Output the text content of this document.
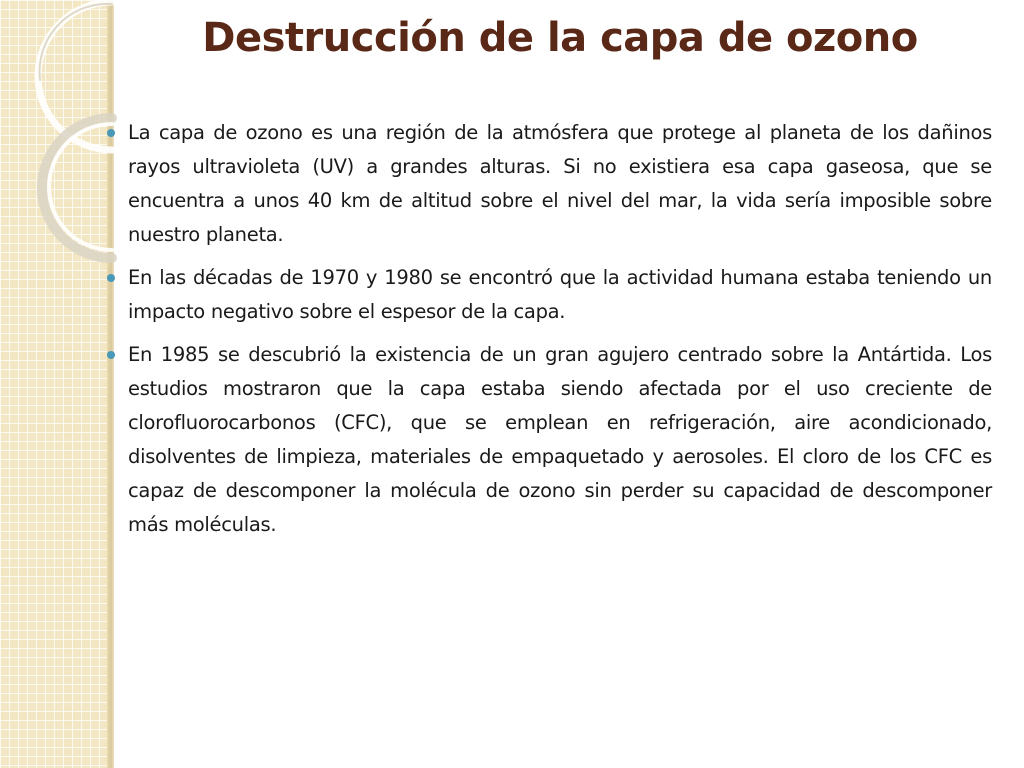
Destrucción de la capa de ozono
La capa de ozono es una región de la atmósfera que protege al planeta de los dañinos rayos ultravioleta (UV) a grandes alturas. Si no existiera esa capa gaseosa, que se encuentra a unos 40 km de altitud sobre el nivel del mar, la vida sería imposible sobre nuestro planeta.
En las décadas de 1970 y 1980 se encontró que la actividad humana estaba teniendo un impacto negativo sobre el espesor de la capa.
En 1985 se descubrió la existencia de un gran agujero centrado sobre la Antártida. Los estudios mostraron que la capa estaba siendo afectada por el uso creciente de clorofluorocarbonos (CFC), que se emplean en refrigeración, aire acondicionado, disolventes de limpieza, materiales de empaquetado y aerosoles. El cloro de los CFC es capaz de descomponer la molécula de ozono sin perder su capacidad de descomponer más moléculas.
